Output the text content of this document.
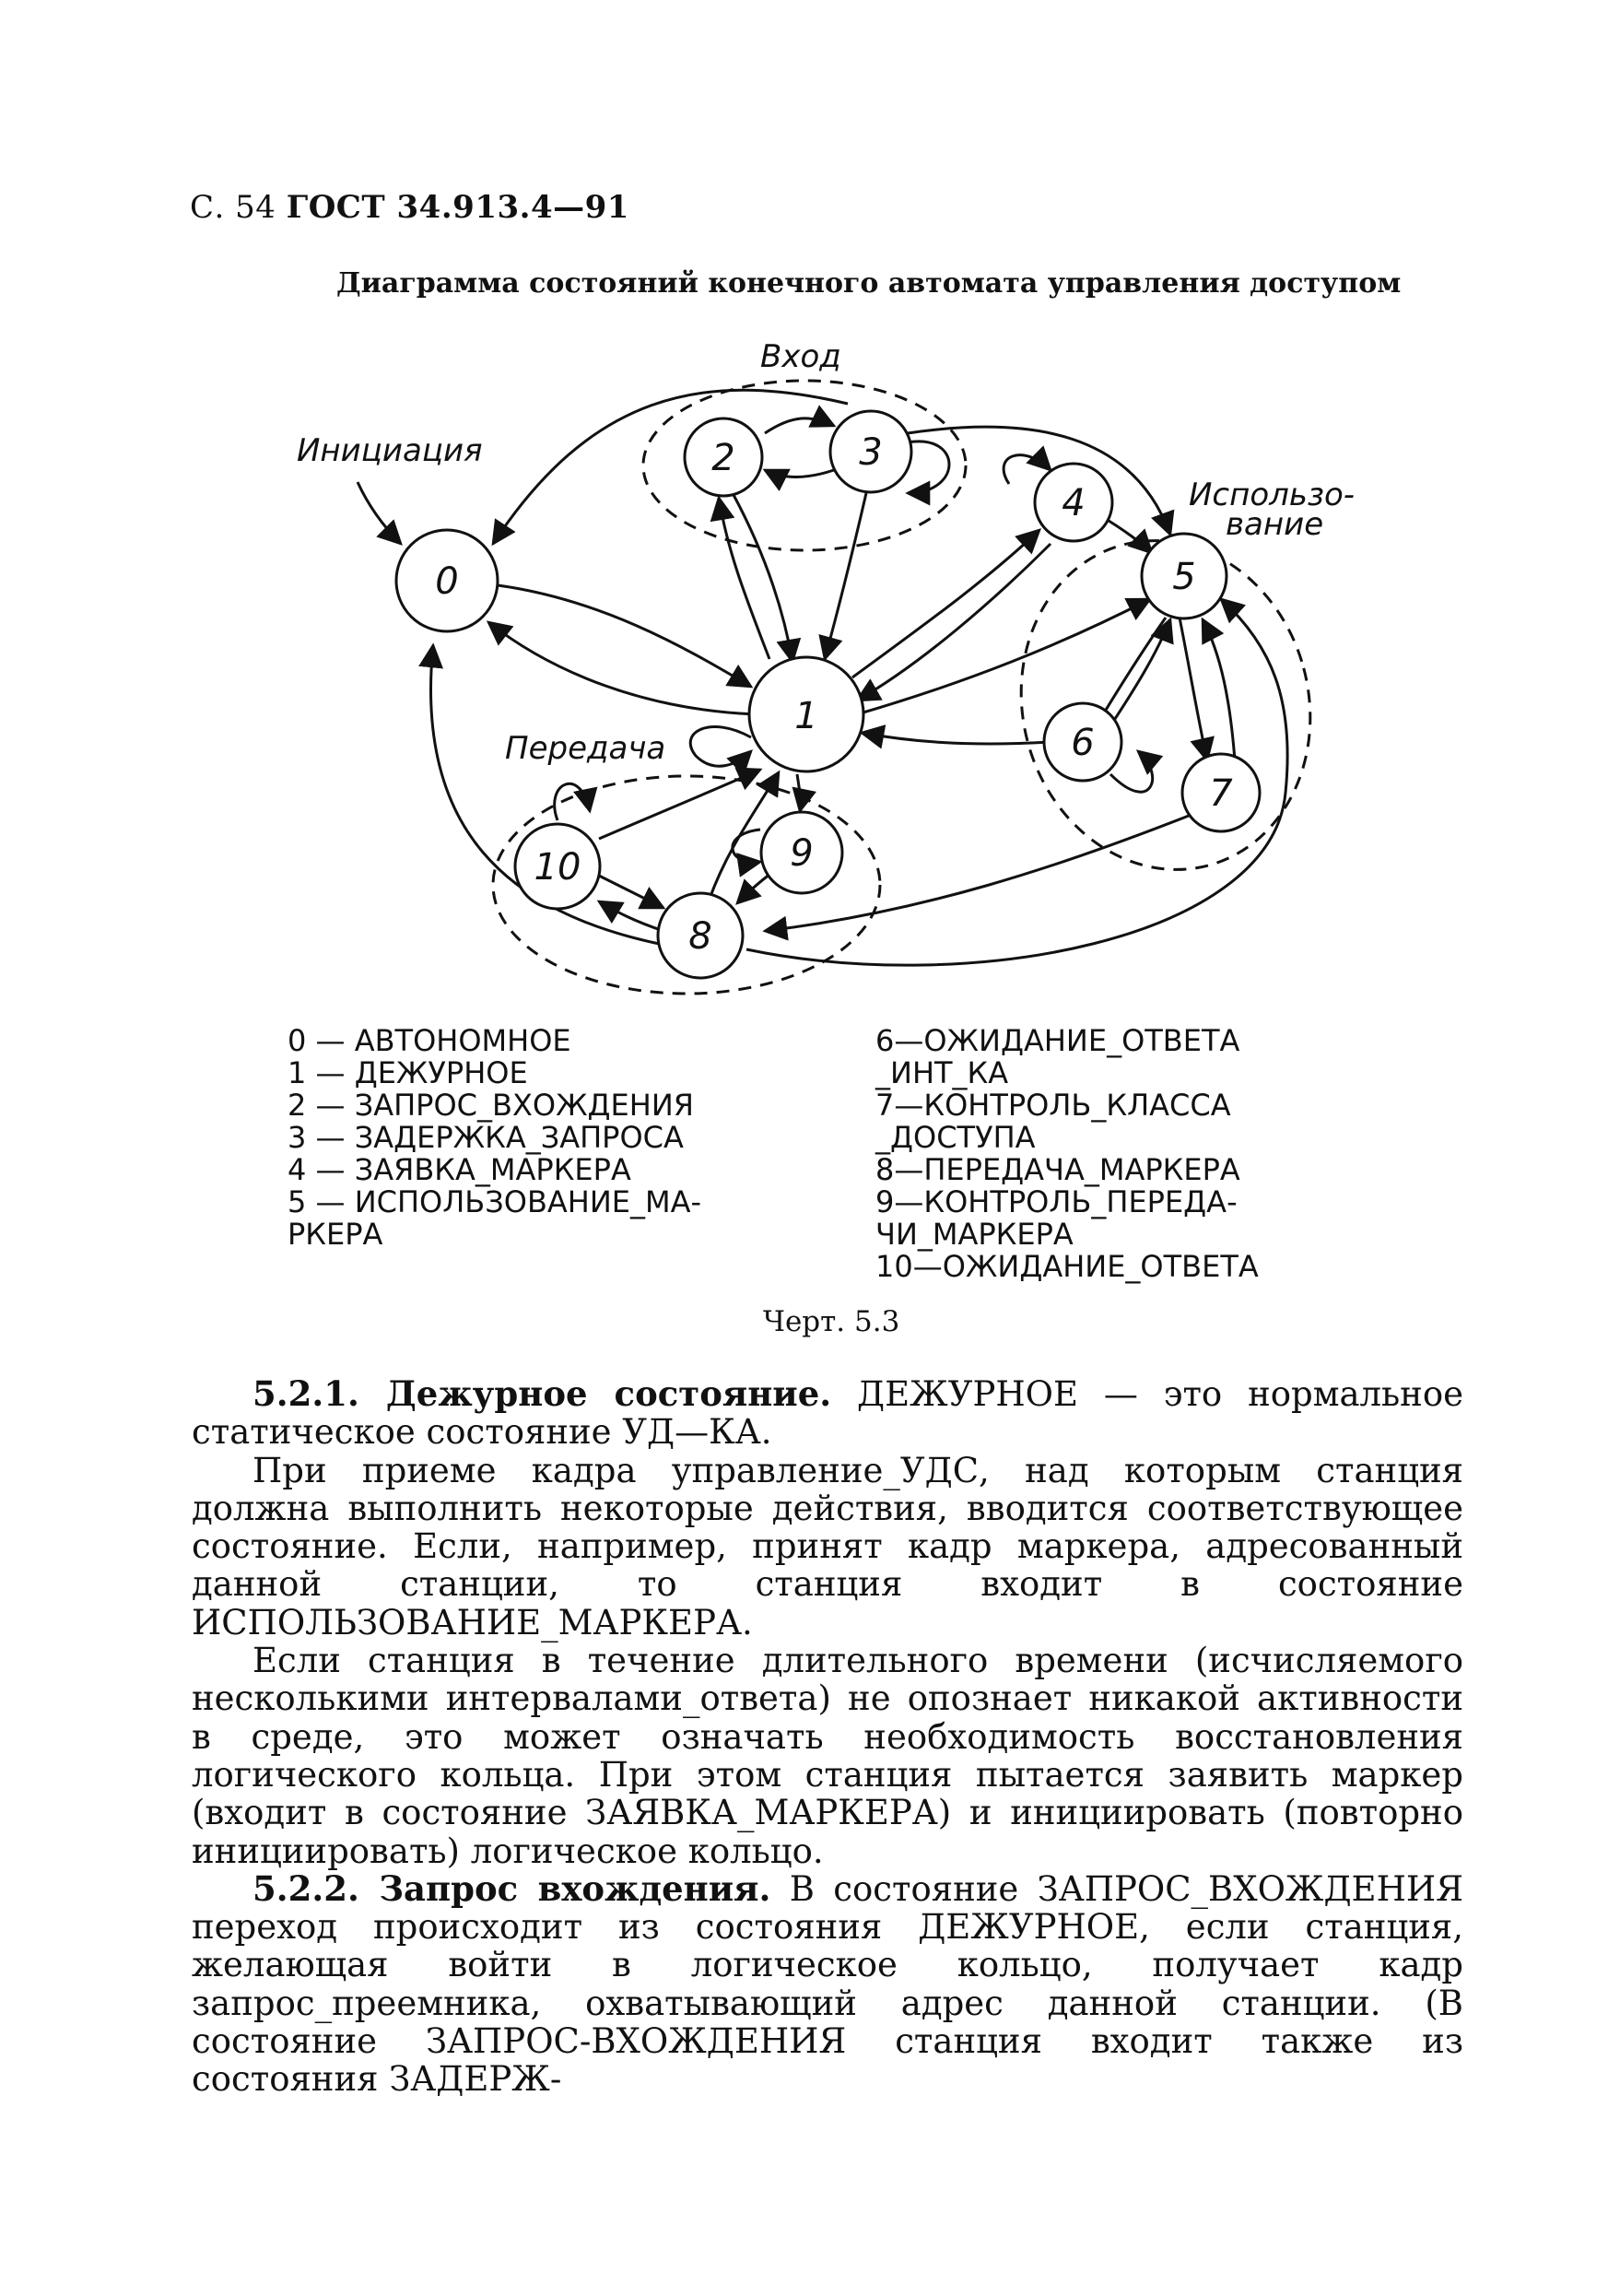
С. 54 ГОСТ 34.913.4—91
Диаграмма состояний конечного автомата управления доступом
0
1
2	3
4
5
6
7
8
9
10
Вход
Использо-
вание
Инициация
Передача
0 — АВТОНОМНОЕ
1 — ДЕЖУРНОЕ
2 — ЗАПРОС_ВХОЖДЕНИЯ
3 — ЗАДЕРЖКА_ЗАПРОСА
4 — ЗАЯВКА_МАРКЕРА
5 — ИСПОЛЬЗОВАНИЕ_МА-
РКЕРА
6—ОЖИДАНИЕ_ОТВЕТА
_ИНТ_КА
7—КОНТРОЛЬ_КЛАССА
_ДОСТУПА
8—ПЕРЕДАЧА_МАРКЕРА
9—КОНТРОЛЬ_ПЕРЕДА-
ЧИ_МАРКЕРА
10—ОЖИДАНИЕ_ОТВЕТА
Черт. 5.3

5.2.1. Дежурное состояние. ДЕЖУРНОЕ — это нормальное статическое состояние УД—КА.

При приеме кадра управление_УДС, над которым станция должна выполнить некоторые действия, вводится соответствующее состояние. Если, например, принят кадр маркера, адресованный данной станции, то станция входит в состояние ИСПОЛЬЗОВАНИЕ_МАРКЕРА.

Если станция в течение длительного времени (исчисляемого несколькими интервалами_ответа) не опознает никакой активности в среде, это может означать необходимость восстановления логического кольца. При этом станция пытается заявить маркер (входит в состояние ЗАЯВКА_МАРКЕРА) и инициировать (повторно инициировать) логическое кольцо.

5.2.2. Запрос вхождения. В состояние ЗАПРОС_ВХОЖДЕНИЯ переход происходит из состояния ДЕЖУРНОЕ, если станция, желающая войти в логическое кольцо, получает кадр запрос_преемника, охватывающий адрес данной станции. (В состояние ЗАПРОС-ВХОЖДЕНИЯ станция входит также из состояния ЗАДЕРЖ-
